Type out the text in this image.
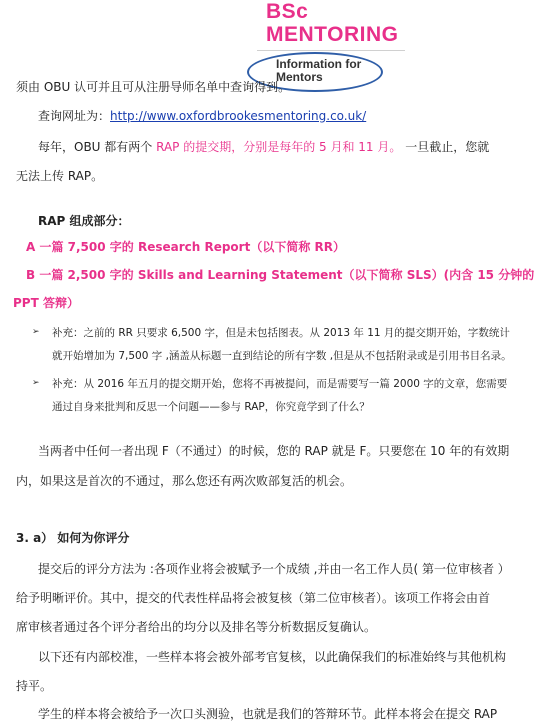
BSc
MENTORING
Information for
Mentors
须由 OBU 认可并且可从注册导师名单中查询得到。
查询网址为：http://www.oxfordbrookesmentoring.co.uk/
每年，OBU 都有两个 RAP 的提交期，分别是每年的 5 月和 11 月。 一旦截止，您就
无法上传 RAP。
RAP 组成部分：
A 一篇 7,500 字的 Research Report（以下简称 RR）
B 一篇 2,500 字的 Skills and Learning Statement（以下简称 SLS）(内含 15 分钟的
PPT 答辩）
➢ 补充：之前的 RR 只要求 6,500 字，但是未包括图表。从 2013 年 11 月的提交期开始，字数统计
就开始增加为 7,500 字 ,涵盖从标题一直到结论的所有字数 ,但是从不包括附录或是引用书目名录。
➢ 补充：从 2016 年五月的提交期开始，您将不再被提问，而是需要写一篇 2000 字的文章，您需要
通过自身来批判和反思一个问题——参与 RAP，你究竟学到了什么？
当两者中任何一者出现 F（不通过）的时候，您的 RAP 就是 F。只要您在 10 年的有效期
内，如果这是首次的不通过，那么您还有两次败部复活的机会。
3. a） 如何为你评分
提交后的评分方法为 :各项作业将会被赋予一个成绩 ,并由一名工作人员( 第一位审核者 ）
给予明晰评价。其中，提交的代表性样品将会被复核（第二位审核者）。该项工作将会由首
席审核者通过各个评分者给出的均分以及排名等分析数据反复确认。
以下还有内部校准，一些样本将会被外部考官复核，以此确保我们的标准始终与其他机构
持平。
学生的样本将会被给予一次口头测验，也就是我们的答辩环节。此样本将会在提交 RAP
